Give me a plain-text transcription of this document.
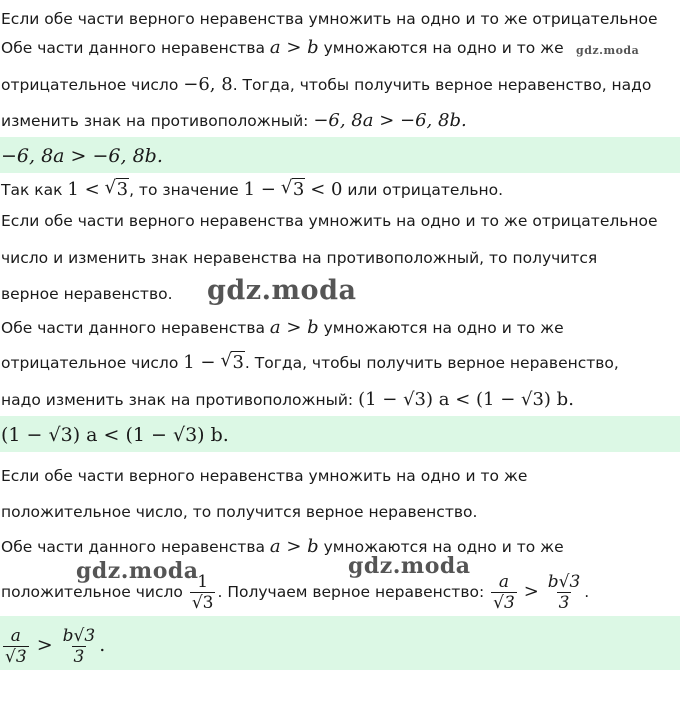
Если обе части верного неравенства умножить на одно и то же отрицательное
Обе части данного неравенства a > b умножаются на одно и то же gdz.moda
отрицательное число −6, 8. Тогда, чтобы получить верное неравенство, надо
изменить знак на противоположный: −6, 8a > −6, 8b.
−6, 8a > −6, 8b.
Так как 1 < √ 3, то значение 1 − √ 3 < 0 или отрицательно.
Если обе части верного неравенства умножить на одно и то же отрицательное
число и изменить знак неравенства на противоположный, то получится
верное неравенство. gdz.moda
Обе части данного неравенства a > b умножаются на одно и то же
отрицательное число 1 − √ 3. Тогда, чтобы получить верное неравенство,
надо изменить знак на противоположный: (1 − √3) a < (1 − √3) b.
(1 − √3) a < (1 − √3) b.
Если обе части верного неравенства умножить на одно и то же
положительное число, то получится верное неравенство.
Обе части данного неравенства a > b умножаются на одно и то же
gdz.moda	gdz.moda
положительное число $\frac{1}{√3}$ . Получаем верное неравенство: $\frac{a}{√3} > \frac{b√3}{3}$ .
$\frac{a}{√3} > \frac{b√3}{3}$ .
